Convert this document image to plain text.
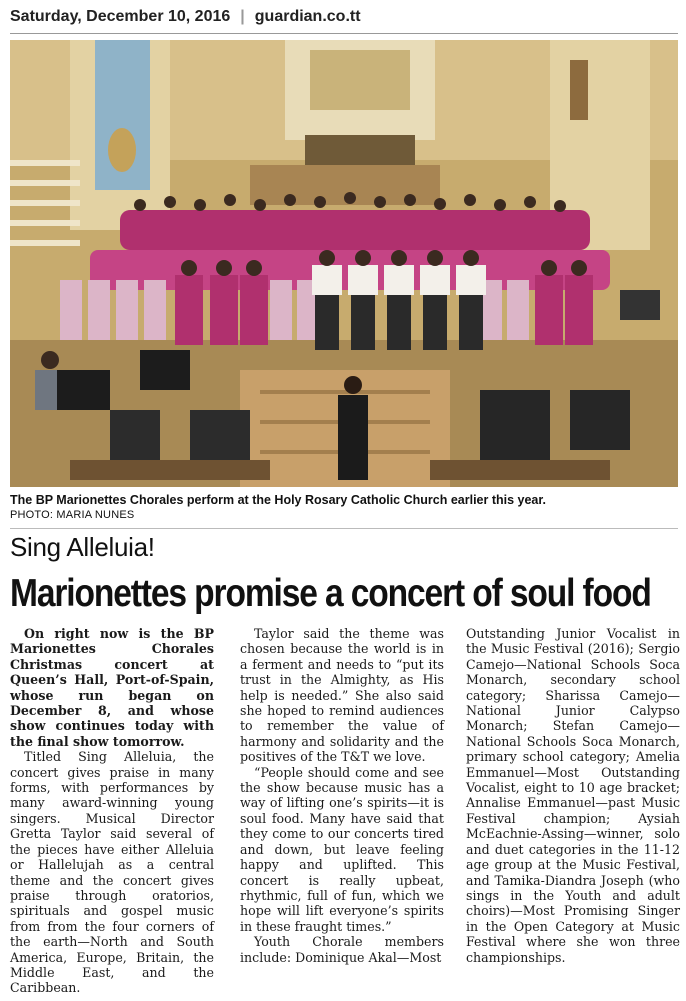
Saturday, December 10, 2016 | guardian.co.tt
The BP Marionettes Chorales perform at the Holy Rosary Catholic Church earlier this year.
PHOTO: MARIA NUNES
Sing Alleluia!
Marionettes promise a concert of soul food

On right now is the BP Marionettes Chorales Christmas concert at Queen’s Hall, Port-of-Spain, whose run began on December 8, and whose show continues today with the final show tomorrow.

Titled Sing Alleluia, the concert gives praise in many forms, with performances by many award-winning young singers. Musical Director Gretta Taylor said several of the pieces have either Alleluia or Hallelujah as a central theme and the concert gives praise through oratorios, spirituals and gospel music from from the four corners of the earth—North and South America, Europe, Britain, the Middle East, and the Caribbean.

Taylor said the theme was chosen because the world is in a ferment and needs to “put its trust in the Almighty, as His help is needed.” She also said she hoped to remind audiences to remember the value of harmony and solidarity and the positives of the T&T we love.

“People should come and see the show because music has a way of lifting one’s spirits—it is soul food. Many have said that they come to our concerts tired and down, but leave feeling happy and uplifted. This concert is really upbeat, rhythmic, full of fun, which we hope will lift everyone’s spirits in these fraught times.”

Youth Chorale members include: Dominique Akal—Most

Outstanding Junior Vocalist in the Music Festival (2016); Sergio Camejo—National Schools Soca Monarch, secondary school category; Sharissa Camejo—National Junior Calypso Monarch; Stefan Camejo—National Schools Soca Monarch, primary school category; Amelia Emmanuel—Most Outstanding Vocalist, eight to 10 age bracket; Annalise Emmanuel—past Music Festival champion; Aysiah McEachnie-Assing—winner, solo and duet categories in the 11-12 age group at the Music Festival, and Tamika-Diandra Joseph (who sings in the Youth and adult choirs)—Most Promising Singer in the Open Category at Music Festival where she won three championships.
